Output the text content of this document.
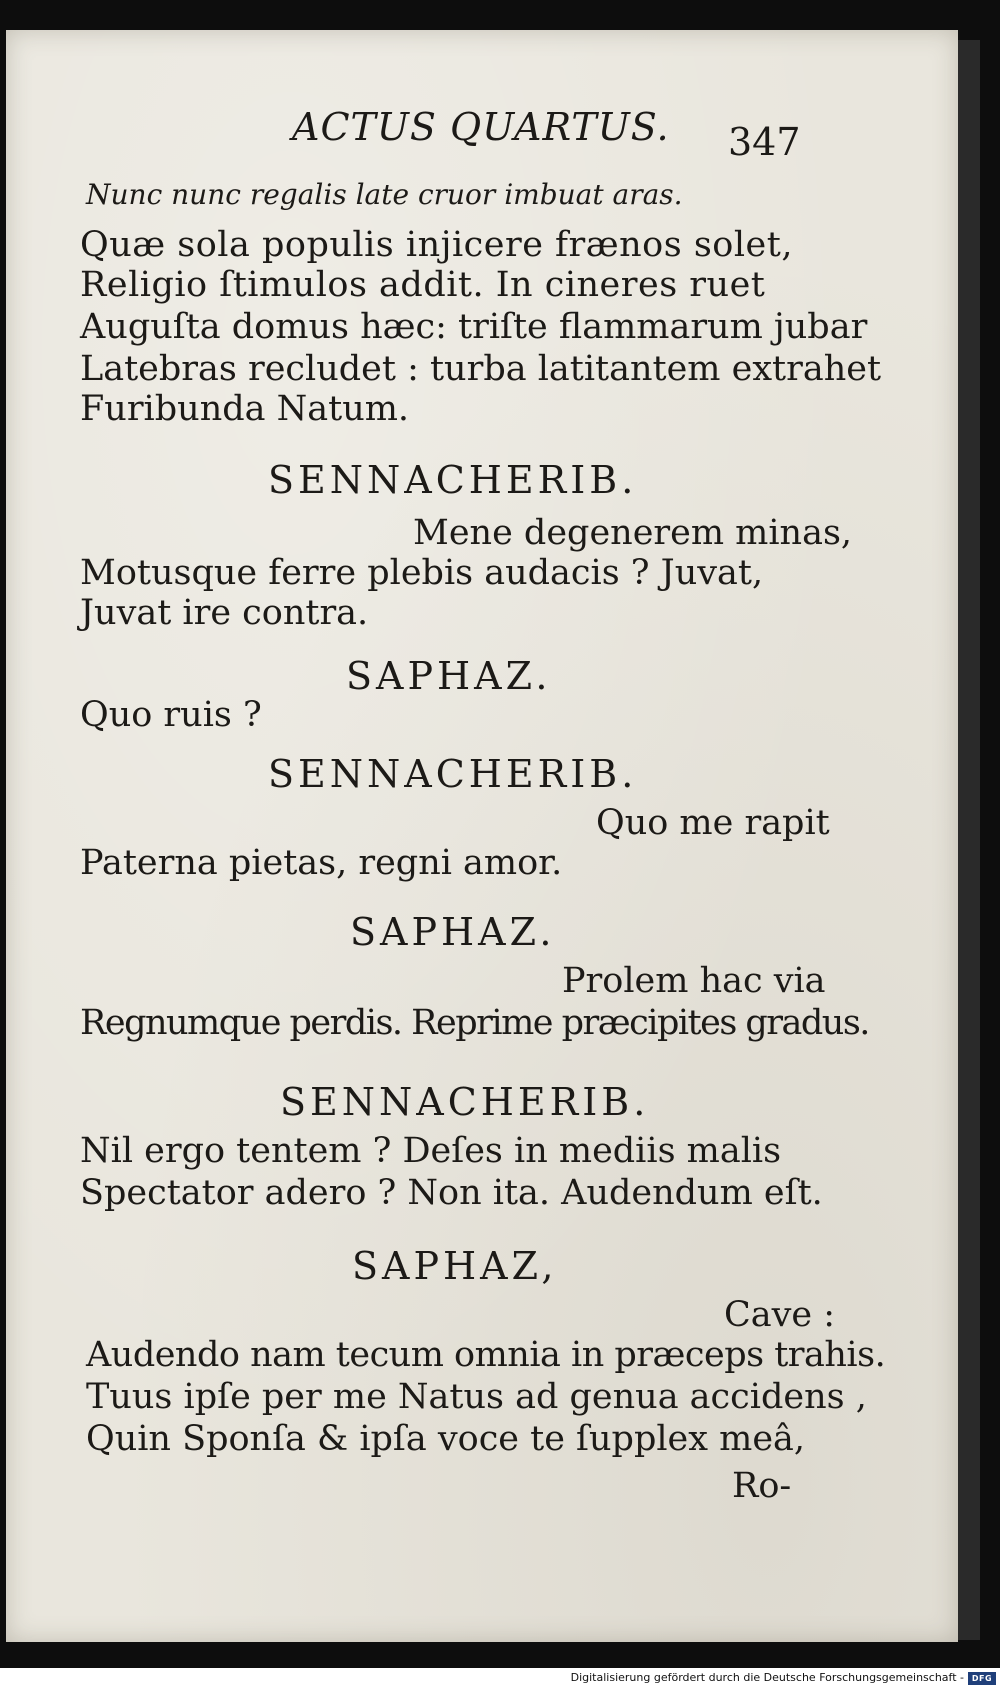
ACTUS QUARTUS. 347
Nunc nunc regalis late cruor imbuat aras.
Quæ sola populis injicere frænos solet,
Religio ſtimulos addit. In cineres ruet
Auguſta domus hæc: triſte flammarum jubar
Latebras recludet : turba latitantem extrahet
Furibunda Natum.
SENNACHERIB.
Mene degenerem minas,
Motusque ferre plebis audacis ? Juvat,
Juvat ire contra.
SAPHAZ.
Quo ruis ?
SENNACHERIB.
Quo me rapit
Paterna pietas, regni amor.
SAPHAZ.
Prolem hac via
Regnumque perdis. Reprime præcipites gradus.
SENNACHERIB.
Nil ergo tentem ? Deſes in mediis malis
Spectator adero ? Non ita. Audendum eſt.
SAPHAZ,
Cave :
Audendo nam tecum omnia in præceps trahis.
Tuus ipſe per me Natus ad genua accidens ,
Quin Sponſa & ipſa voce te ſupplex meâ,
Ro-
Digitalisierung gefördert durch die Deutsche Forschungsgemeinschaft - DFG
